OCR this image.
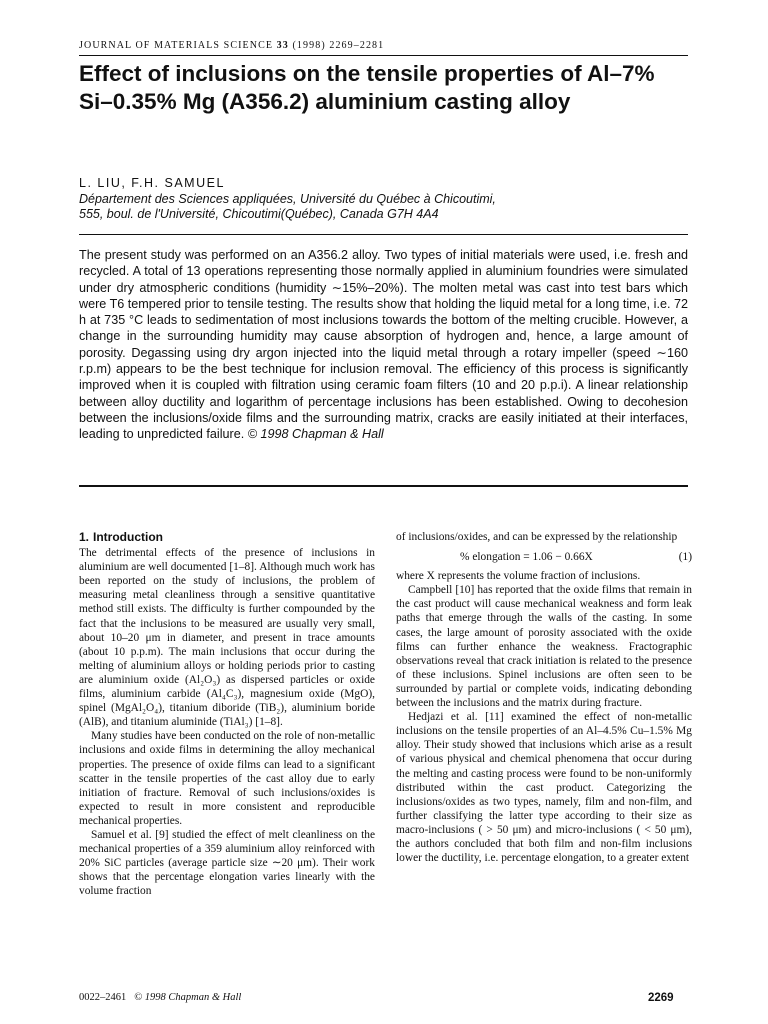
JOURNAL OF MATERIALS SCIENCE 33 (1998) 2269–2281
Effect of inclusions on the tensile properties of Al–7% Si–0.35% Mg (A356.2) aluminium casting alloy
L. LIU, F.H. SAMUEL
Département des Sciences appliquées, Université du Québec à Chicoutimi,
555, boul. de l'Université, Chicoutimi(Québec), Canada G7H 4A4

The present study was performed on an A356.2 alloy. Two types of initial materials were used, i.e. fresh and recycled. A total of 13 operations representing those normally applied in aluminium foundries were simulated under dry atmospheric conditions (humidity ∼15%–20%). The molten metal was cast into test bars which were T6 tempered prior to tensile testing. The results show that holding the liquid metal for a long time, i.e. 72 h at 735 °C leads to sedimentation of most inclusions towards the bottom of the melting crucible. However, a change in the surrounding humidity may cause absorption of hydrogen and, hence, a large amount of porosity. Degassing using dry argon injected into the liquid metal through a rotary impeller (speed ∼160 r.p.m) appears to be the best technique for inclusion removal. The efficiency of this process is significantly improved when it is coupled with filtration using ceramic foam filters (10 and 20 p.p.i). A linear relationship between alloy ductility and logarithm of percentage inclusions has been established. Owing to decohesion between the inclusions/oxide films and the surrounding matrix, cracks are easily initiated at their interfaces, leading to unpredicted failure. © 1998 Chapman & Hall

1. Introduction

The detrimental effects of the presence of inclusions in aluminium are well documented [1–8]. Although much work has been reported on the study of inclusions, the problem of measuring metal cleanliness through a sensitive quantitative method still exists. The difficulty is further compounded by the fact that the inclusions to be measured are usually very small, about 10–20 μm in diameter, and present in trace amounts (about 10 p.p.m). The main inclusions that occur during the melting of aluminium alloys or holding periods prior to casting are aluminium oxide (Al₂O₃) as dispersed particles or oxide films, aluminium carbide (Al₄C₃), magnesium oxide (MgO), spinel (MgAl₂O₄), titanium diboride (TiB₂), aluminium boride (AlB), and titanium aluminide (TiAl₃) [1–8].

Many studies have been conducted on the role of non-metallic inclusions and oxide films in determining the alloy mechanical properties. The presence of oxide films can lead to a significant scatter in the tensile properties of the cast alloy due to early initiation of fracture. Removal of such inclusions/oxides is expected to result in more consistent and reproducible mechanical properties.

Samuel et al. [9] studied the effect of melt cleanliness on the mechanical properties of a 359 aluminium alloy reinforced with 20% SiC particles (average particle size ∼20 μm). Their work shows that the percentage elongation varies linearly with the volume fraction

of inclusions/oxides, and can be expressed by the relationship

% elongation = 1.06 − 0.66X	(1)

where X represents the volume fraction of inclusions.

Campbell [10] has reported that the oxide films that remain in the cast product will cause mechanical weakness and form leak paths that emerge through the walls of the casting. In some cases, the large amount of porosity associated with the oxide films can further enhance the weakness. Fractographic observations reveal that crack initiation is related to the presence of these inclusions. Spinel inclusions are often seen to be surrounded by partial or complete voids, indicating debonding between the inclusions and the matrix during fracture.

Hedjazi et al. [11] examined the effect of non-metallic inclusions on the tensile properties of an Al–4.5% Cu–1.5% Mg alloy. Their study showed that inclusions which arise as a result of various physical and chemical phenomena that occur during the melting and casting process were found to be non-uniformly distributed within the cast product. Categorizing the inclusions/oxides as two types, namely, film and non-film, and further classifying the latter type according to their size as macro-inclusions ( > 50 μm) and micro-inclusions ( < 50 μm), the authors concluded that both film and non-film inclusions lower the ductility, i.e. percentage elongation, to a greater extent

0022–2461 © 1998 Chapman & Hall	2269
